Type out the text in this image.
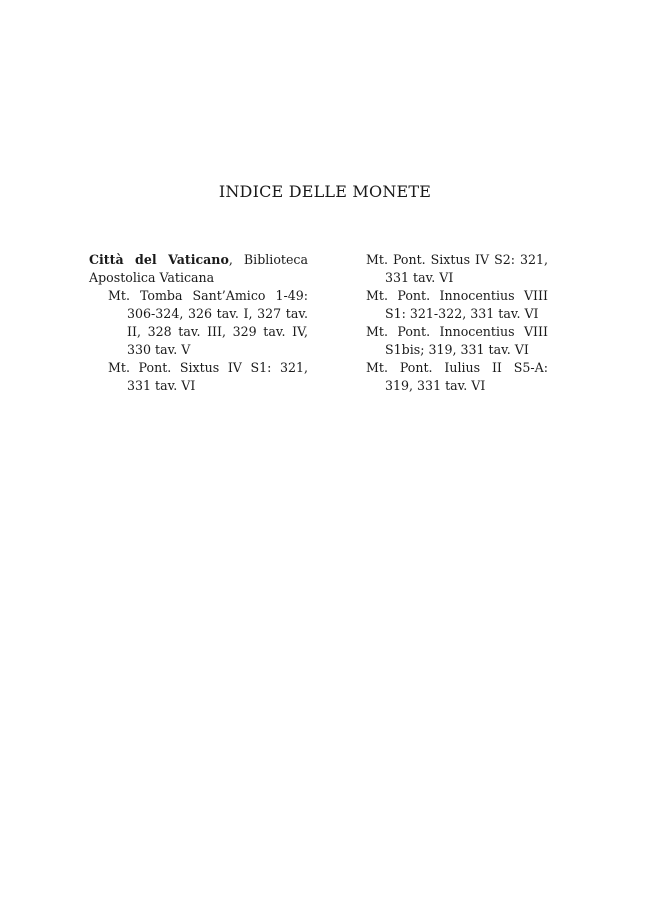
INDICE DELLE MONETE

Città del Vaticano, Biblioteca Apostolica Vaticana

Mt. Tomba Sant’Amico 1-49: 306-324, 326 tav. I, 327 tav. II, 328 tav. III, 329 tav. IV, 330 tav. V

Mt. Pont. Sixtus IV S1: 321, 331 tav. VI

Mt. Pont. Sixtus IV S2: 321, 331 tav. VI

Mt. Pont. Innocentius VIII S1: 321-322, 331 tav. VI

Mt. Pont. Innocentius VIII S1bis; 319, 331 tav. VI

Mt. Pont. Iulius II S5-A: 319, 331 tav. VI
